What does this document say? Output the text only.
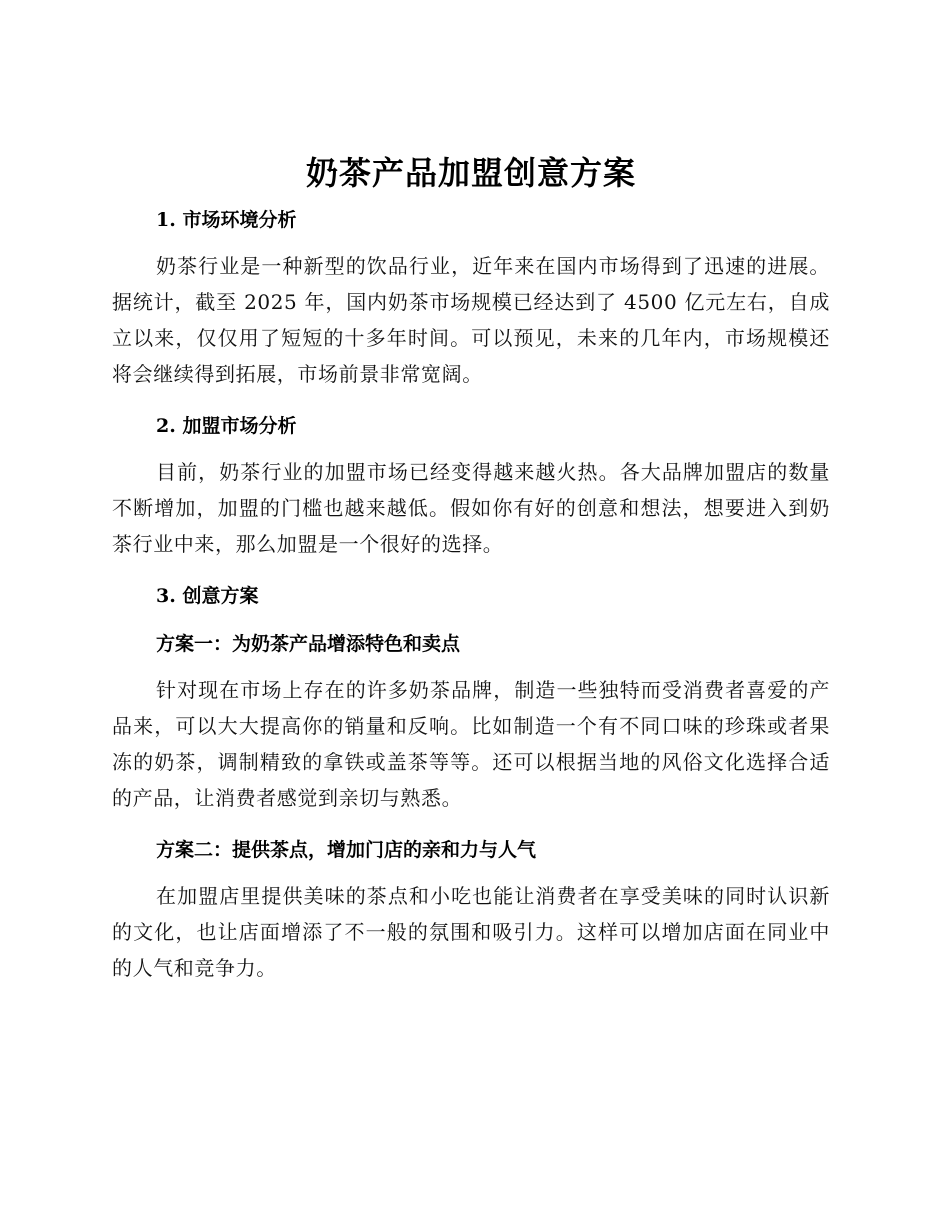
奶茶产品加盟创意方案
1. 市场环境分析

奶茶行业是一种新型的饮品行业，近年来在国内市场得到了迅速的进展。据统计，截至 2025 年，国内奶茶市场规模已经达到了 4500 亿元左右，自成立以来，仅仅用了短短的十多年时间。可以预见，未来的几年内，市场规模还将会继续得到拓展，市场前景非常宽阔。

2. 加盟市场分析

目前，奶茶行业的加盟市场已经变得越来越火热。各大品牌加盟店的数量不断增加，加盟的门槛也越来越低。假如你有好的创意和想法，想要进入到奶茶行业中来，那么加盟是一个很好的选择。

3. 创意方案
方案一：为奶茶产品增添特色和卖点

针对现在市场上存在的许多奶茶品牌，制造一些独特而受消费者喜爱的产品来，可以大大提高你的销量和反响。比如制造一个有不同口味的珍珠或者果冻的奶茶，调制精致的拿铁或盖茶等等。还可以根据当地的风俗文化选择合适的产品，让消费者感觉到亲切与熟悉。

方案二：提供茶点，增加门店的亲和力与人气

在加盟店里提供美味的茶点和小吃也能让消费者在享受美味的同时认识新的文化，也让店面增添了不一般的氛围和吸引力。这样可以增加店面在同业中的人气和竞争力。
